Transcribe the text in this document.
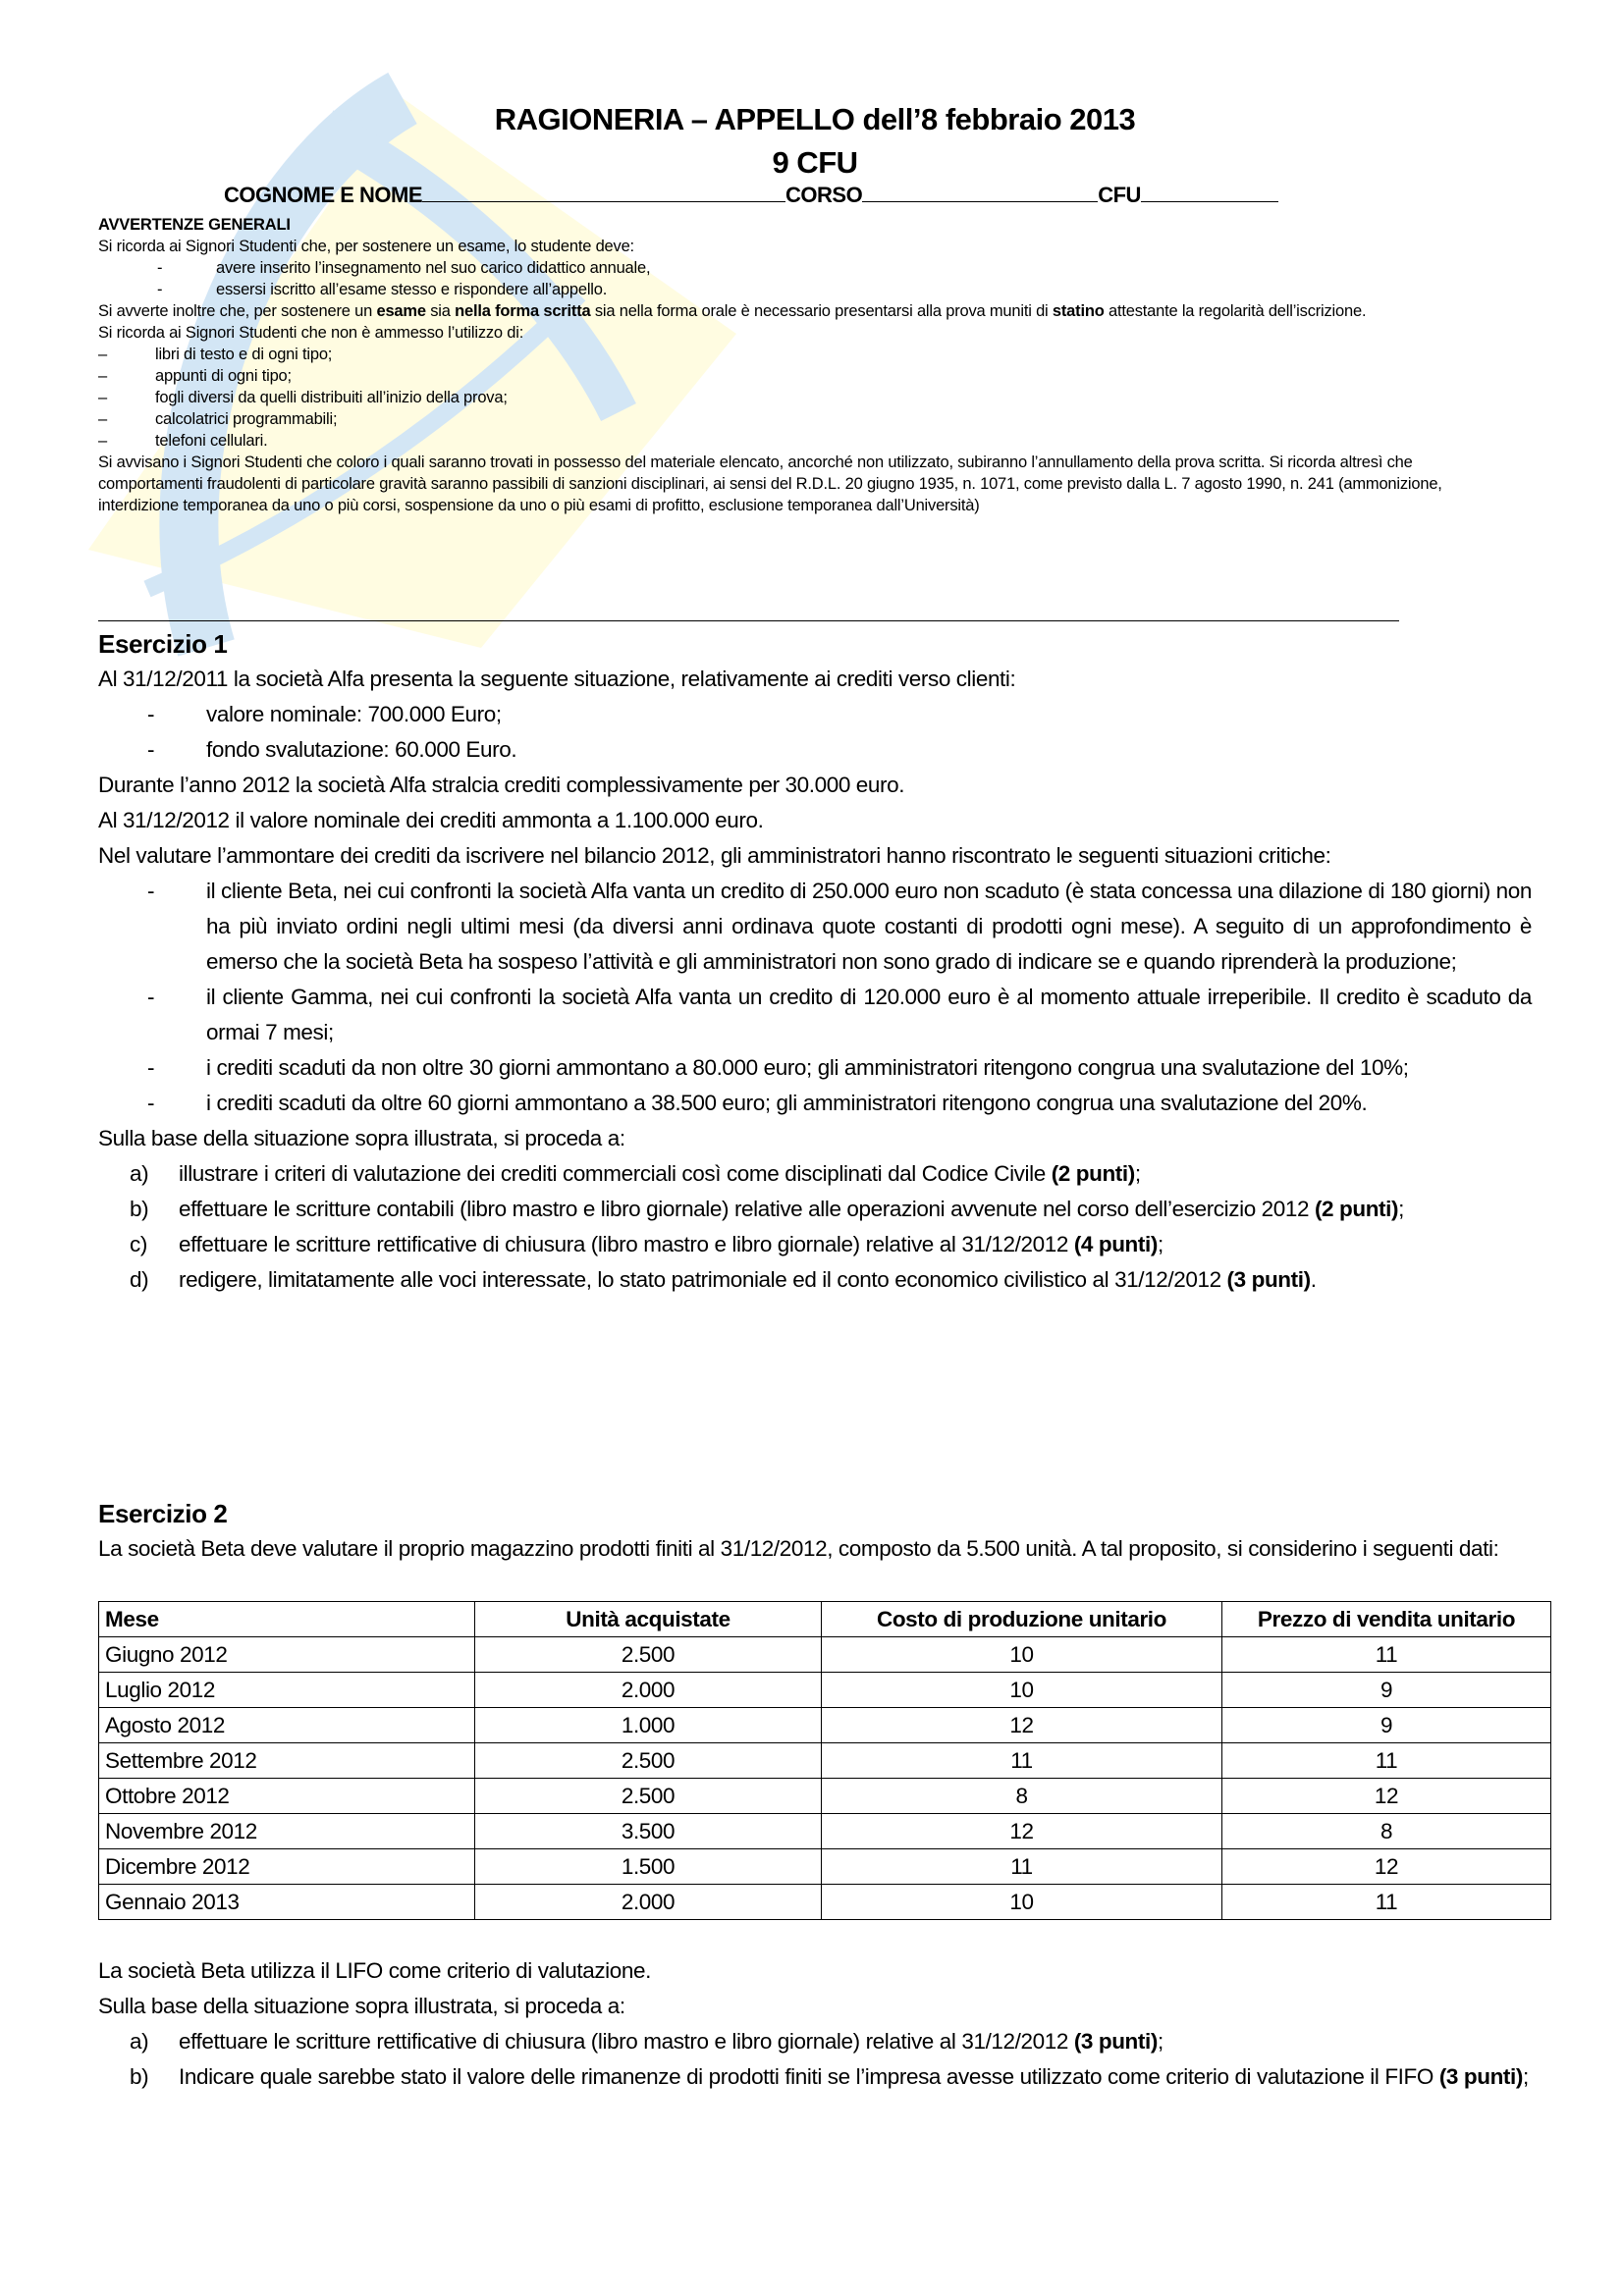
RAGIONERIA – APPELLO dell’8 febbraio 2013
9 CFU
COGNOME E NOME	CORSO	CFU
AVVERTENZE GENERALI
Si ricorda ai Signori Studenti che, per sostenere un esame, lo studente deve:
-	avere inserito l’insegnamento nel suo carico didattico annuale,
-	essersi iscritto all’esame stesso e rispondere all’appello.
Si avverte inoltre che, per sostenere un esame sia nella forma scritta sia nella forma orale è necessario presentarsi alla prova muniti di statino attestante la regolarità dell’iscrizione.
Si ricorda ai Signori Studenti che non è ammesso l’utilizzo di:
–	libri di testo e di ogni tipo;
–	appunti di ogni tipo;
–	fogli diversi da quelli distribuiti all’inizio della prova;
–	calcolatrici programmabili;
–	telefoni cellulari.
Si avvisano i Signori Studenti che coloro i quali saranno trovati in possesso del materiale elencato, ancorché non utilizzato, subiranno l’annullamento della prova scritta. Si ricorda altresì che comportamenti fraudolenti di particolare gravità saranno passibili di sanzioni disciplinari, ai sensi del R.D.L. 20 giugno 1935, n. 1071, come previsto dalla L. 7 agosto 1990, n. 241 (ammonizione, interdizione temporanea da uno o più corsi, sospensione da uno o più esami di profitto, esclusione temporanea dall’Università)
Esercizio 1
Al 31/12/2011 la società Alfa presenta la seguente situazione, relativamente ai crediti verso clienti:
-	valore nominale: 700.000 Euro;
-	fondo svalutazione: 60.000 Euro.
Durante l’anno 2012 la società Alfa stralcia crediti complessivamente per 30.000 euro.
Al 31/12/2012 il valore nominale dei crediti ammonta a 1.100.000 euro.
Nel valutare l’ammontare dei crediti da iscrivere nel bilancio 2012, gli amministratori hanno riscontrato le seguenti situazioni critiche:
-	il cliente Beta, nei cui confronti la società Alfa vanta un credito di 250.000 euro non scaduto (è stata concessa una dilazione di 180 giorni) non ha più inviato ordini negli ultimi mesi (da diversi anni ordinava quote costanti di prodotti ogni mese). A seguito di un approfondimento è emerso che la società Beta ha sospeso l’attività e gli amministratori non sono grado di indicare se e quando riprenderà la produzione;
-	il cliente Gamma, nei cui confronti la società Alfa vanta un credito di 120.000 euro è al momento attuale irreperibile. Il credito è scaduto da ormai 7 mesi;
-	i crediti scaduti da non oltre 30 giorni ammontano a 80.000 euro; gli amministratori ritengono congrua una svalutazione del 10%;
-	i crediti scaduti da oltre 60 giorni ammontano a 38.500 euro; gli amministratori ritengono congrua una svalutazione del 20%.
Sulla base della situazione sopra illustrata, si proceda a:
a)	illustrare i criteri di valutazione dei crediti commerciali così come disciplinati dal Codice Civile (2 punti);
b)	effettuare le scritture contabili (libro mastro e libro giornale) relative alle operazioni avvenute nel corso dell’esercizio 2012 (2 punti);
c)	effettuare le scritture rettificative di chiusura (libro mastro e libro giornale) relative al 31/12/2012 (4 punti);
d)	redigere, limitatamente alle voci interessate, lo stato patrimoniale ed il conto economico civilistico al 31/12/2012 (3 punti).
Esercizio 2
La società Beta deve valutare il proprio magazzino prodotti finiti al 31/12/2012, composto da 5.500 unità. A tal proposito, si considerino i seguenti dati:
Mese	Unità acquistate	Costo di produzione unitario	Prezzo di vendita unitario
Giugno 2012	2.500	10	11
Luglio 2012	2.000	10	9
Agosto 2012	1.000	12	9
Settembre 2012	2.500	11	11
Ottobre 2012	2.500	8	12
Novembre 2012	3.500	12	8
Dicembre 2012	1.500	11	12
Gennaio 2013	2.000	10	11
La società Beta utilizza il LIFO come criterio di valutazione.
Sulla base della situazione sopra illustrata, si proceda a:
a)	effettuare le scritture rettificative di chiusura (libro mastro e libro giornale) relative al 31/12/2012 (3 punti);
b)	Indicare quale sarebbe stato il valore delle rimanenze di prodotti finiti se l’impresa avesse utilizzato come criterio di valutazione il FIFO (3 punti);
